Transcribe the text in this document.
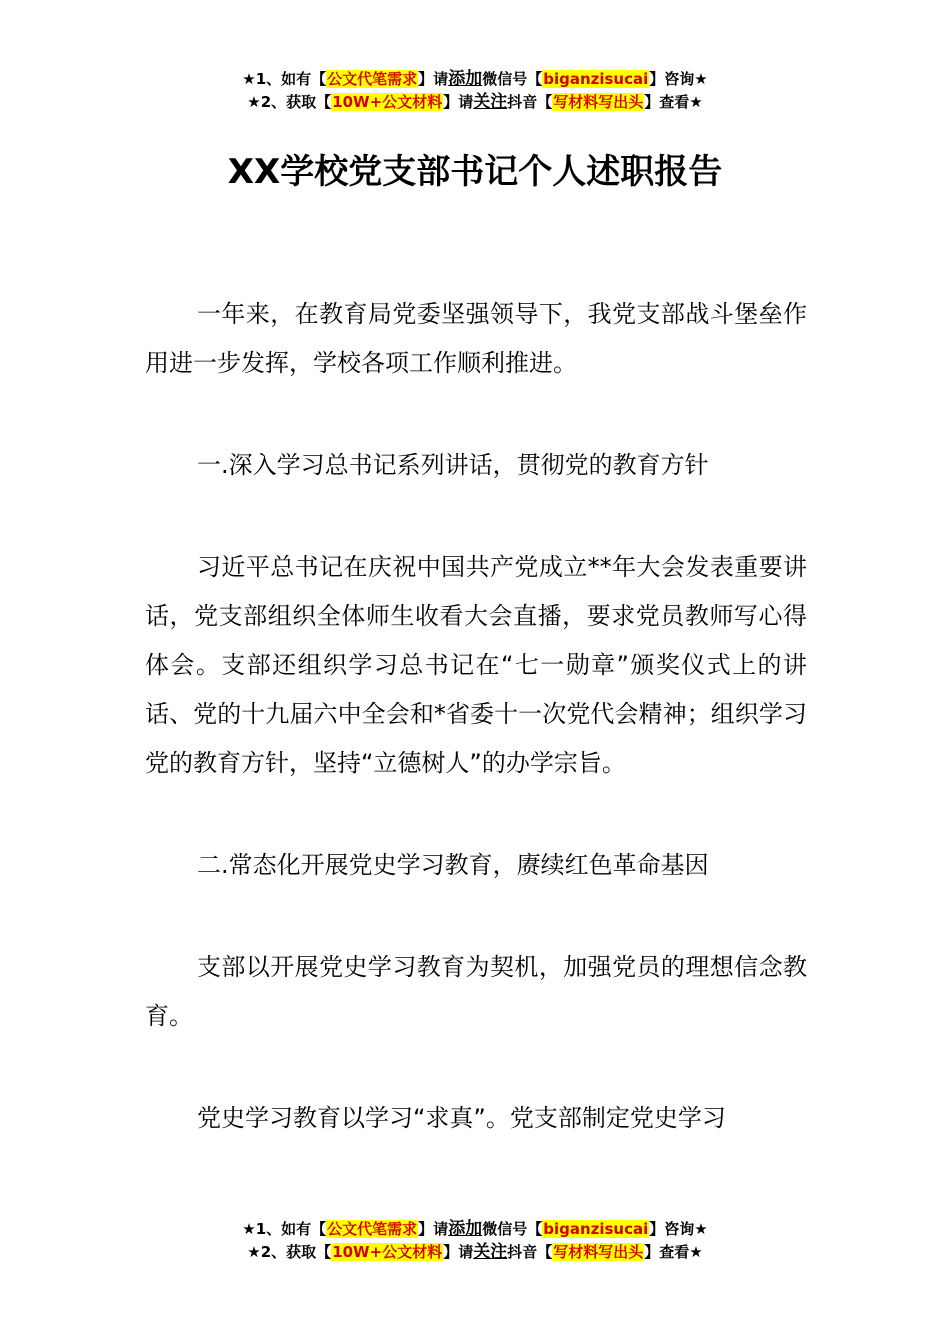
★1、如有【公文代笔需求】请添加微信号【biganzisucai】咨询★
★2、获取【10W+公文材料】请关注抖音【写材料写出头】查看★
XX学校党支部书记个人述职报告

一年来，在教育局党委坚强领导下，我党支部战斗堡垒作用进一步发挥，学校各项工作顺利推进。

一.深入学习总书记系列讲话，贯彻党的教育方针

习近平总书记在庆祝中国共产党成立**年大会发表重要讲话，党支部组织全体师生收看大会直播，要求党员教师写心得体会。支部还组织学习总书记在“七一勋章”颁奖仪式上的讲话、党的十九届六中全会和*省委十一次党代会精神；组织学习党的教育方针，坚持“立德树人”的办学宗旨。

二.常态化开展党史学习教育，赓续红色革命基因

支部以开展党史学习教育为契机，加强党员的理想信念教育。

党史学习教育以学习“求真”。党支部制定党史学习

★1、如有【公文代笔需求】请添加微信号【biganzisucai】咨询★
★2、获取【10W+公文材料】请关注抖音【写材料写出头】查看★
